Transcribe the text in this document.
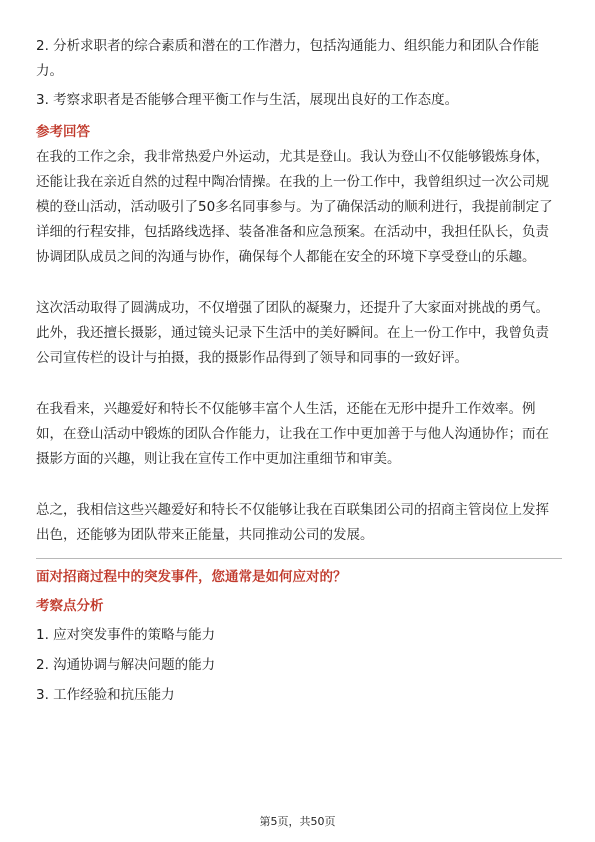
2. 分析求职者的综合素质和潜在的工作潜力，包括沟通能力、组织能力和团队合作能力。

3. 考察求职者是否能够合理平衡工作与生活，展现出良好的工作态度。

参考回答

在我的工作之余，我非常热爱户外运动，尤其是登山。我认为登山不仅能够锻炼身体，还能让我在亲近自然的过程中陶冶情操。在我的上一份工作中，我曾组织过一次公司规模的登山活动，活动吸引了50多名同事参与。为了确保活动的顺利进行，我提前制定了详细的行程安排，包括路线选择、装备准备和应急预案。在活动中，我担任队长，负责协调团队成员之间的沟通与协作，确保每个人都能在安全的环境下享受登山的乐趣。

这次活动取得了圆满成功，不仅增强了团队的凝聚力，还提升了大家面对挑战的勇气。此外，我还擅长摄影，通过镜头记录下生活中的美好瞬间。在上一份工作中，我曾负责公司宣传栏的设计与拍摄，我的摄影作品得到了领导和同事的一致好评。

在我看来，兴趣爱好和特长不仅能够丰富个人生活，还能在无形中提升工作效率。例如，在登山活动中锻炼的团队合作能力，让我在工作中更加善于与他人沟通协作；而在摄影方面的兴趣，则让我在宣传工作中更加注重细节和审美。

总之，我相信这些兴趣爱好和特长不仅能够让我在百联集团公司的招商主管岗位上发挥出色，还能够为团队带来正能量，共同推动公司的发展。

面对招商过程中的突发事件，您通常是如何应对的？

考察点分析

1. 应对突发事件的策略与能力

2. 沟通协调与解决问题的能力

3. 工作经验和抗压能力

第5页，共50页
